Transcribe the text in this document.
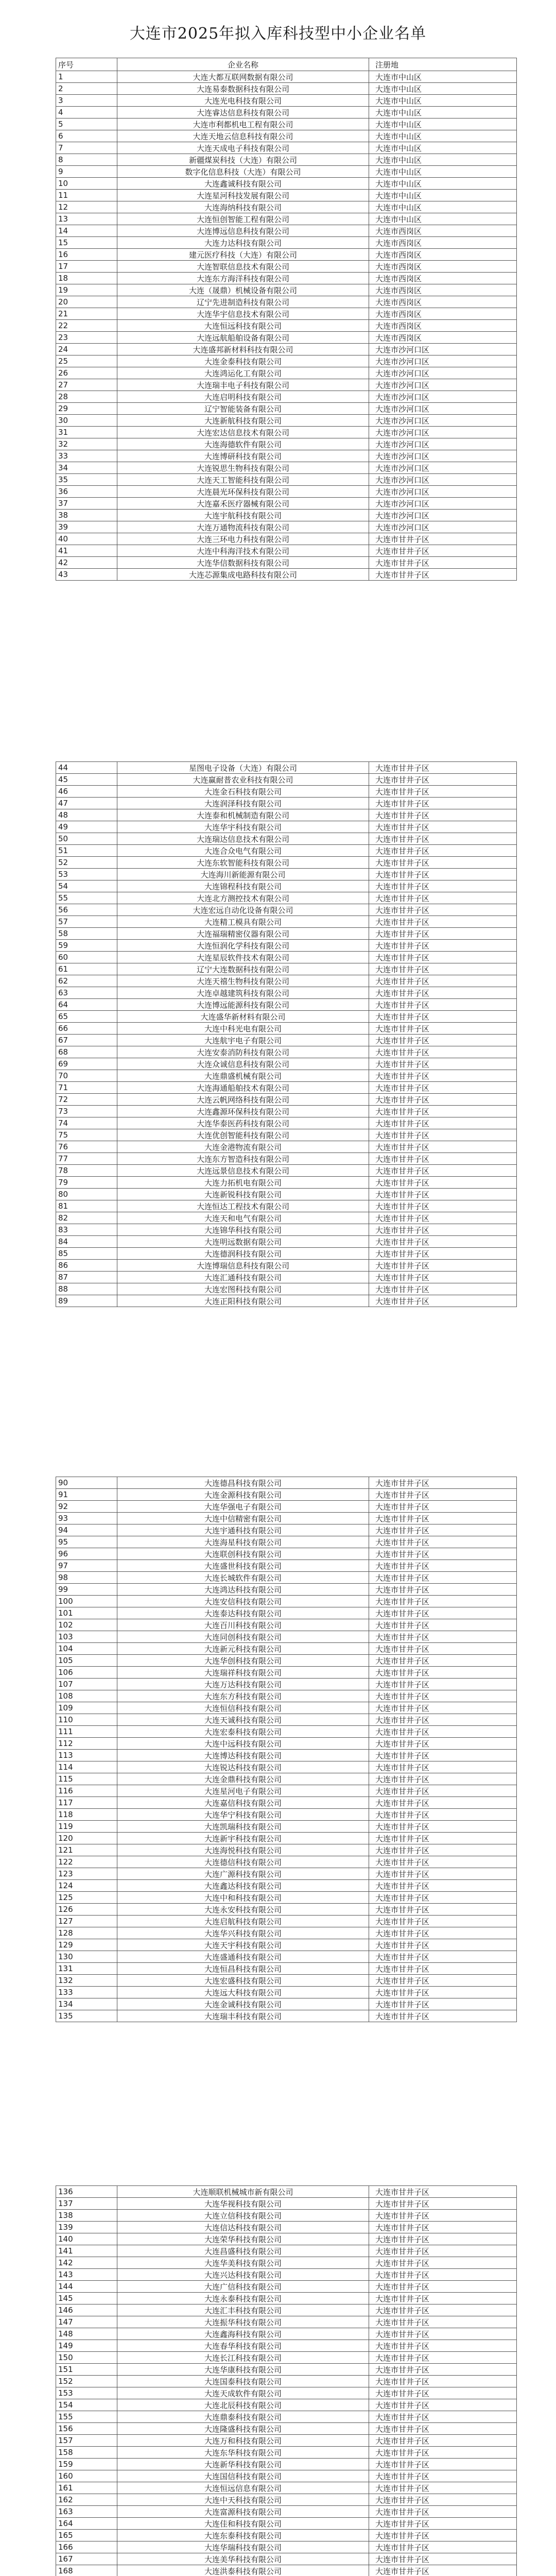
大连市2025年拟入库科技型中小企业名单
序号	企业名称	注册地
1	大连大都互联网数据有限公司	大连市中山区
2	大连易泰数据科技有限公司	大连市中山区
3	大连光电科技有限公司	大连市中山区
4	大连睿达信息科技有限公司	大连市中山区
5	大连市利都机电工程有限公司	大连市中山区
6	大连天地云信息科技有限公司	大连市中山区
7	大连天成电子科技有限公司	大连市中山区
8	新疆煤炭科技（大连）有限公司	大连市中山区
9	数字化信息科技（大连）有限公司	大连市中山区
10	大连鑫诚科技有限公司	大连市中山区
11	大连星河科技发展有限公司	大连市中山区
12	大连海纳科技有限公司	大连市中山区
13	大连恒创智能工程有限公司	大连市中山区
14	大连博远信息科技有限公司	大连市西岗区
15	大连力达科技有限公司	大连市西岗区
16	建元医疗科技（大连）有限公司	大连市西岗区
17	大连智联信息技术有限公司	大连市西岗区
18	大连东方海洋科技有限公司	大连市西岗区
19	大连（晟鼎）机械设备有限公司	大连市西岗区
20	辽宁先进制造科技有限公司	大连市西岗区
21	大连华宇信息技术有限公司	大连市西岗区
22	大连恒远科技有限公司	大连市西岗区
23	大连远航船舶设备有限公司	大连市西岗区
24	大连盛邦新材料科技有限公司	大连市沙河口区
25	大连金泰科技有限公司	大连市沙河口区
26	大连鸿运化工有限公司	大连市沙河口区
27	大连瑞丰电子科技有限公司	大连市沙河口区
28	大连启明科技有限公司	大连市沙河口区
29	辽宁智能装备有限公司	大连市沙河口区
30	大连新航科技有限公司	大连市沙河口区
31	大连宏达信息技术有限公司	大连市沙河口区
32	大连海德软件有限公司	大连市沙河口区
33	大连博研科技有限公司	大连市沙河口区
34	大连锐思生物科技有限公司	大连市沙河口区
35	大连天工智能科技有限公司	大连市沙河口区
36	大连晨光环保科技有限公司	大连市沙河口区
37	大连嘉禾医疗器械有限公司	大连市沙河口区
38	大连宇航科技有限公司	大连市沙河口区
39	大连万通物流科技有限公司	大连市沙河口区
40	大连三环电力科技有限公司	大连市甘井子区
41	大连中科海洋技术有限公司	大连市甘井子区
42	大连华信数据科技有限公司	大连市甘井子区
43	大连芯源集成电路科技有限公司	大连市甘井子区
44	星图电子设备（大连）有限公司	大连市甘井子区
45	大连赢耐普农业科技有限公司	大连市甘井子区
46	大连金石科技有限公司	大连市甘井子区
47	大连润泽科技有限公司	大连市甘井子区
48	大连泰和机械制造有限公司	大连市甘井子区
49	大连华宇科技有限公司	大连市甘井子区
50	大连瑞达信息技术有限公司	大连市甘井子区
51	大连合众电气有限公司	大连市甘井子区
52	大连东软智能科技有限公司	大连市甘井子区
53	大连海川新能源有限公司	大连市甘井子区
54	大连锦程科技有限公司	大连市甘井子区
55	大连北方测控技术有限公司	大连市甘井子区
56	大连宏远自动化设备有限公司	大连市甘井子区
57	大连精工模具有限公司	大连市甘井子区
58	大连福瑞精密仪器有限公司	大连市甘井子区
59	大连恒润化学科技有限公司	大连市甘井子区
60	大连星辰软件技术有限公司	大连市甘井子区
61	辽宁大连数据科技有限公司	大连市甘井子区
62	大连天禧生物科技有限公司	大连市甘井子区
63	大连卓越建筑科技有限公司	大连市甘井子区
64	大连博远能源科技有限公司	大连市甘井子区
65	大连盛华新材料有限公司	大连市甘井子区
66	大连中科光电有限公司	大连市甘井子区
67	大连航宇电子有限公司	大连市甘井子区
68	大连安泰消防科技有限公司	大连市甘井子区
69	大连众诚信息科技有限公司	大连市甘井子区
70	大连鼎盛机械有限公司	大连市甘井子区
71	大连海通船舶技术有限公司	大连市甘井子区
72	大连云帆网络科技有限公司	大连市甘井子区
73	大连鑫源环保科技有限公司	大连市甘井子区
74	大连华泰医药科技有限公司	大连市甘井子区
75	大连优创智能科技有限公司	大连市甘井子区
76	大连金港物流有限公司	大连市甘井子区
77	大连东方智造科技有限公司	大连市甘井子区
78	大连远景信息技术有限公司	大连市甘井子区
79	大连力拓机电有限公司	大连市甘井子区
80	大连新锐科技有限公司	大连市甘井子区
81	大连恒达工程技术有限公司	大连市甘井子区
82	大连天和电气有限公司	大连市甘井子区
83	大连锦华科技有限公司	大连市甘井子区
84	大连明远数据有限公司	大连市甘井子区
85	大连德润科技有限公司	大连市甘井子区
86	大连博瑞信息科技有限公司	大连市甘井子区
87	大连汇通科技有限公司	大连市甘井子区
88	大连宏图科技有限公司	大连市甘井子区
89	大连正阳科技有限公司	大连市甘井子区
90	大连德昌科技有限公司	大连市甘井子区
91	大连金源科技有限公司	大连市甘井子区
92	大连华强电子有限公司	大连市甘井子区
93	大连中信精密有限公司	大连市甘井子区
94	大连宇通科技有限公司	大连市甘井子区
95	大连海星科技有限公司	大连市甘井子区
96	大连联创科技有限公司	大连市甘井子区
97	大连盛世科技有限公司	大连市甘井子区
98	大连长城软件有限公司	大连市甘井子区
99	大连鸿达科技有限公司	大连市甘井子区
100	大连安信科技有限公司	大连市甘井子区
101	大连泰达科技有限公司	大连市甘井子区
102	大连百川科技有限公司	大连市甘井子区
103	大连同创科技有限公司	大连市甘井子区
104	大连新元科技有限公司	大连市甘井子区
105	大连华创科技有限公司	大连市甘井子区
106	大连瑞祥科技有限公司	大连市甘井子区
107	大连万达科技有限公司	大连市甘井子区
108	大连东方科技有限公司	大连市甘井子区
109	大连恒信科技有限公司	大连市甘井子区
110	大连天诚科技有限公司	大连市甘井子区
111	大连宏泰科技有限公司	大连市甘井子区
112	大连中远科技有限公司	大连市甘井子区
113	大连博达科技有限公司	大连市甘井子区
114	大连锐达科技有限公司	大连市甘井子区
115	大连金鼎科技有限公司	大连市甘井子区
116	大连星河电子有限公司	大连市甘井子区
117	大连嘉信科技有限公司	大连市甘井子区
118	大连华宁科技有限公司	大连市甘井子区
119	大连凯瑞科技有限公司	大连市甘井子区
120	大连新宇科技有限公司	大连市甘井子区
121	大连海悦科技有限公司	大连市甘井子区
122	大连德信科技有限公司	大连市甘井子区
123	大连广源科技有限公司	大连市甘井子区
124	大连鑫达科技有限公司	大连市甘井子区
125	大连中和科技有限公司	大连市甘井子区
126	大连永安科技有限公司	大连市甘井子区
127	大连启航科技有限公司	大连市甘井子区
128	大连华兴科技有限公司	大连市甘井子区
129	大连天宇科技有限公司	大连市甘井子区
130	大连盛通科技有限公司	大连市甘井子区
131	大连恒昌科技有限公司	大连市甘井子区
132	大连宏盛科技有限公司	大连市甘井子区
133	大连远大科技有限公司	大连市甘井子区
134	大连金诚科技有限公司	大连市甘井子区
135	大连瑞丰科技有限公司	大连市甘井子区
136	大连顺联机械城市新有限公司	大连市甘井子区
137	大连华视科技有限公司	大连市甘井子区
138	大连立信科技有限公司	大连市甘井子区
139	大连信达科技有限公司	大连市甘井子区
140	大连荣华科技有限公司	大连市甘井子区
141	大连昌盛科技有限公司	大连市甘井子区
142	大连华美科技有限公司	大连市甘井子区
143	大连兴达科技有限公司	大连市甘井子区
144	大连广信科技有限公司	大连市甘井子区
145	大连永泰科技有限公司	大连市甘井子区
146	大连汇丰科技有限公司	大连市甘井子区
147	大连振华科技有限公司	大连市甘井子区
148	大连鑫海科技有限公司	大连市甘井子区
149	大连春华科技有限公司	大连市甘井子区
150	大连长江科技有限公司	大连市甘井子区
151	大连华康科技有限公司	大连市甘井子区
152	大连国泰科技有限公司	大连市甘井子区
153	大连天成软件有限公司	大连市甘井子区
154	大连北辰科技有限公司	大连市甘井子区
155	大连鼎泰科技有限公司	大连市甘井子区
156	大连隆盛科技有限公司	大连市甘井子区
157	大连万和科技有限公司	大连市甘井子区
158	大连东华科技有限公司	大连市甘井子区
159	大连新华科技有限公司	大连市甘井子区
160	大连国信科技有限公司	大连市甘井子区
161	大连恒远信息有限公司	大连市甘井子区
162	大连中天科技有限公司	大连市甘井子区
163	大连富源科技有限公司	大连市甘井子区
164	大连佳和科技有限公司	大连市甘井子区
165	大连东泰科技有限公司	大连市甘井子区
166	大连华瑞科技有限公司	大连市甘井子区
167	大连美华科技有限公司	大连市甘井子区
168	大连洪泰科技有限公司	大连市甘井子区
